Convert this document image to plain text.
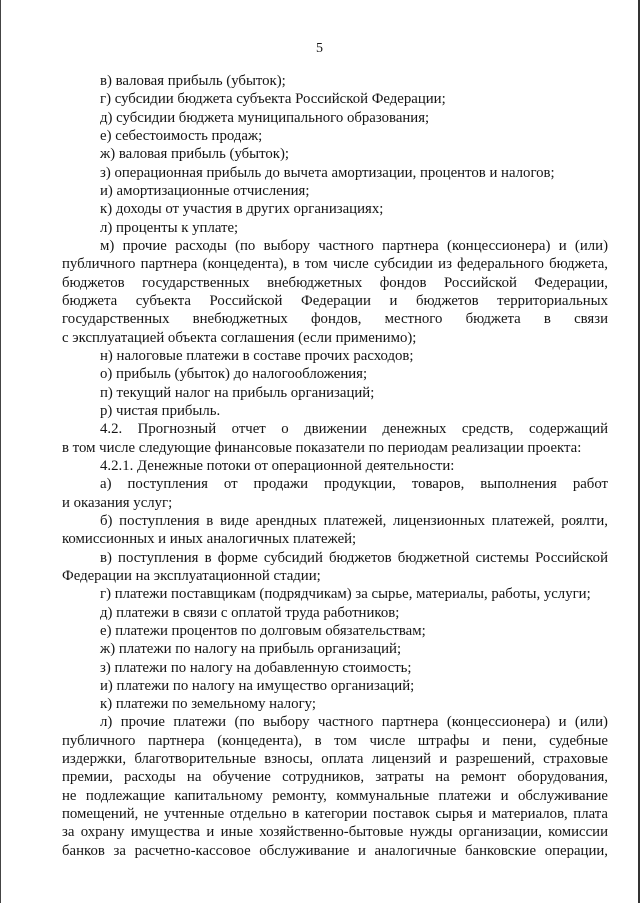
5
в) валовая прибыль (убыток);
г) субсидии бюджета субъекта Российской Федерации;
д) субсидии бюджета муниципального образования;
е) себестоимость продаж;
ж) валовая прибыль (убыток);
з) операционная прибыль до вычета амортизации, процентов и налогов;
и) амортизационные отчисления;
к) доходы от участия в других организациях;
л) проценты к уплате;
м) прочие расходы (по выбору частного партнера (концессионера) и (или)
публичного партнера (концедента), в том числе субсидии из федерального бюджета,
бюджетов государственных внебюджетных фондов Российской Федерации,
бюджета субъекта Российской Федерации и бюджетов территориальных
государственных внебюджетных фондов, местного бюджета в связи
с эксплуатацией объекта соглашения (если применимо);
н) налоговые платежи в составе прочих расходов;
о) прибыль (убыток) до налогообложения;
п) текущий налог на прибыль организаций;
р) чистая прибыль.
4.2. Прогнозный отчет о движении денежных средств, содержащий
в том числе следующие финансовые показатели по периодам реализации проекта:
4.2.1. Денежные потоки от операционной деятельности:
а) поступления от продажи продукции, товаров, выполнения работ
и оказания услуг;
б) поступления в виде арендных платежей, лицензионных платежей, роялти,
комиссионных и иных аналогичных платежей;
в) поступления в форме субсидий бюджетов бюджетной системы Российской
Федерации на эксплуатационной стадии;
г) платежи поставщикам (подрядчикам) за сырье, материалы, работы, услуги;
д) платежи в связи с оплатой труда работников;
е) платежи процентов по долговым обязательствам;
ж) платежи по налогу на прибыль организаций;
з) платежи по налогу на добавленную стоимость;
и) платежи по налогу на имущество организаций;
к) платежи по земельному налогу;
л) прочие платежи (по выбору частного партнера (концессионера) и (или)
публичного партнера (концедента), в том числе штрафы и пени, судебные
издержки, благотворительные взносы, оплата лицензий и разрешений, страховые
премии, расходы на обучение сотрудников, затраты на ремонт оборудования,
не подлежащие капитальному ремонту, коммунальные платежи и обслуживание
помещений, не учтенные отдельно в категории поставок сырья и материалов, плата
за охрану имущества и иные хозяйственно-бытовые нужды организации, комиссии
банков за расчетно-кассовое обслуживание и аналогичные банковские операции,
